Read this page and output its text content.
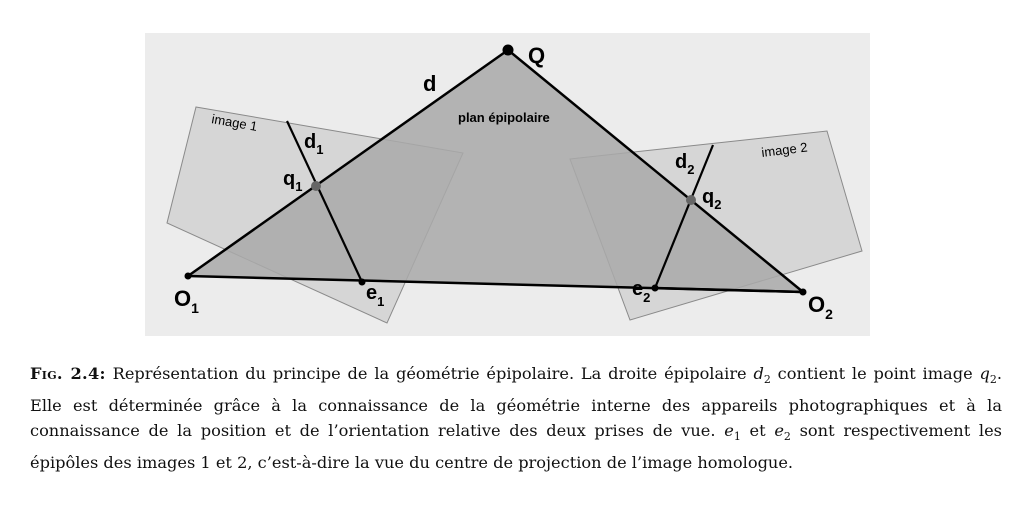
Q
d
plan épipolaire
image 1
image 2
$d_1$
$q_1$
$d_2$
$q_2$
$O_1$	$O_2$
$e_1$
$e_2$

Fig. 2.4: Représentation du principe de la géométrie épipolaire. La droite épipolaire $d_2$ contient le point image $q_2$. Elle est déterminée grâce à la connaissance de la géométrie interne des appareils photographiques et à la connaissance de la position et de l’orientation relative des deux prises de vue. $e_1$ et $e_2$ sont respectivement les épipôles des images 1 et 2, c’est-à-dire la vue du centre de projection de l’image homologue.
